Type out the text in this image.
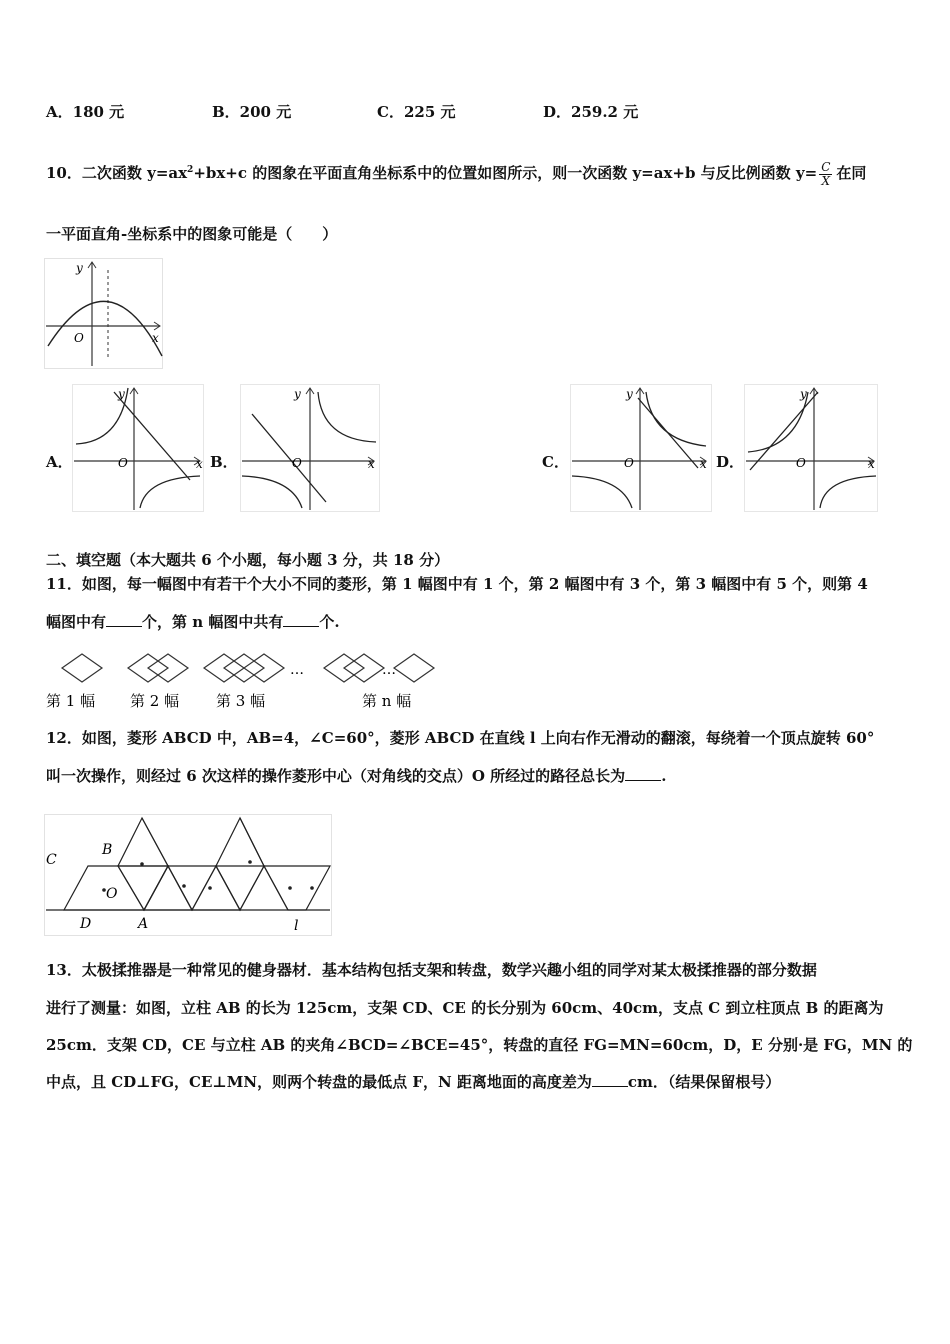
A．180 元	B．200 元	C．225 元	D．259.2 元
10．二次函数 $y=ax^2+bx+c$ 的图象在平面直角坐标系中的位置如图所示，则一次函数 y=ax+b 与反比例函数 $y= \frac{C}{X}$ 在同
一平面直角-坐标系中的图象可能是（　　）
y
x
O
A．
y
x
O	B．
y
x
O	C．
y
x
O	D．
y
x
O
二、填空题（本大题共 6 个小题，每小题 3 分，共 18 分）
11．如图，每一幅图中有若干个大小不同的菱形，第 1 幅图中有 1 个，第 2 幅图中有 3 个，第 3 幅图中有 5 个，则第 4
幅图中有 个，第 n 幅图中共有 个.
…	…
第 1 幅 第 2 幅 第 3 幅	第 n 幅
12．如图，菱形 ABCD 中，AB=4，∠C=60°，菱形 ABCD 在直线 l 上向右作无滑动的翻滚，每绕着一个顶点旋转 60°
叫一次操作，则经过 6 次这样的操作菱形中心（对角线的交点）O 所经过的路径总长为 .
C
B
O
D	A	l
13．太极揉推器是一种常见的健身器材．基本结构包括支架和转盘，数学兴趣小组的同学对某太极揉推器的部分数据
进行了测量：如图，立柱 AB 的长为 125cm，支架 CD、CE 的长分别为 60cm、40cm，支点 C 到立柱顶点 B 的距离为
25cm．支架 CD，CE 与立柱 AB 的夹角∠BCD=∠BCE=45°，转盘的直径 FG=MN=60cm，D，E 分别·是 FG，MN 的
中点，且 CD⊥FG，CE⊥MN，则两个转盘的最低点 F，N 距离地面的高度差为 cm．（结果保留根号）
